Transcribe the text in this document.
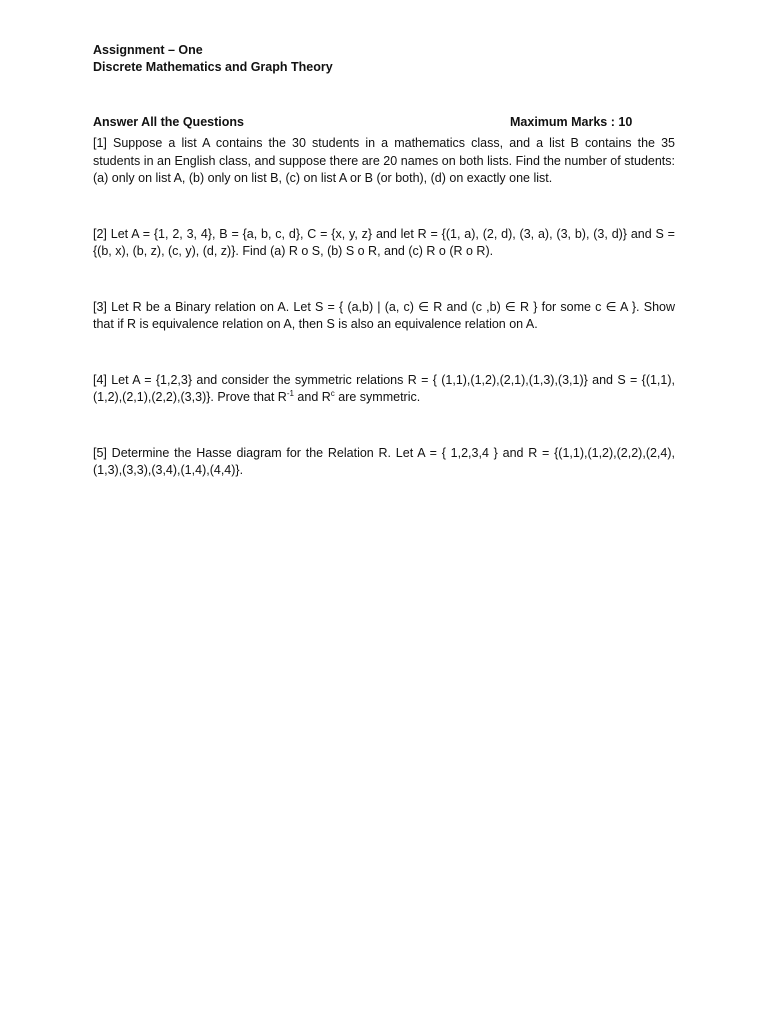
Assignment – One

Discrete Mathematics and Graph Theory

Answer All the Questions	Maximum Marks : 10

[1] Suppose a list A contains the 30 students in a mathematics class, and a list B contains the 35 students in an English class, and suppose there are 20 names on both lists. Find the number of students: (a) only on list A, (b) only on list B, (c) on list A or B (or both), (d) on exactly one list.

[2] Let A = {1, 2, 3, 4}, B = {a, b, c, d}, C = {x, y, z} and let R = {(1, a), (2, d), (3, a), (3, b), (3, d)} and S = {(b, x), (b, z), (c, y), (d, z)}. Find (a) R o S, (b) S o R, and (c) R o (R o R).

[3] Let R be a Binary relation on A. Let S = { (a,b) | (a, c) ∈ R and (c ,b) ∈ R } for some c ∈ A }. Show that if R is equivalence relation on A, then S is also an equivalence relation on A.

[4] Let A = {1,2,3} and consider the symmetric relations R = { (1,1),(1,2),(2,1),(1,3),(3,1)} and S = {(1,1),(1,2),(2,1),(2,2),(3,3)}. Prove that $R^{-1}$ and $R^c$ are symmetric.

[5] Determine the Hasse diagram for the Relation R. Let A = { 1,2,3,4 } and R = {(1,1),(1,2),(2,2),(2,4),(1,3),(3,3),(3,4),(1,4),(4,4)}.
